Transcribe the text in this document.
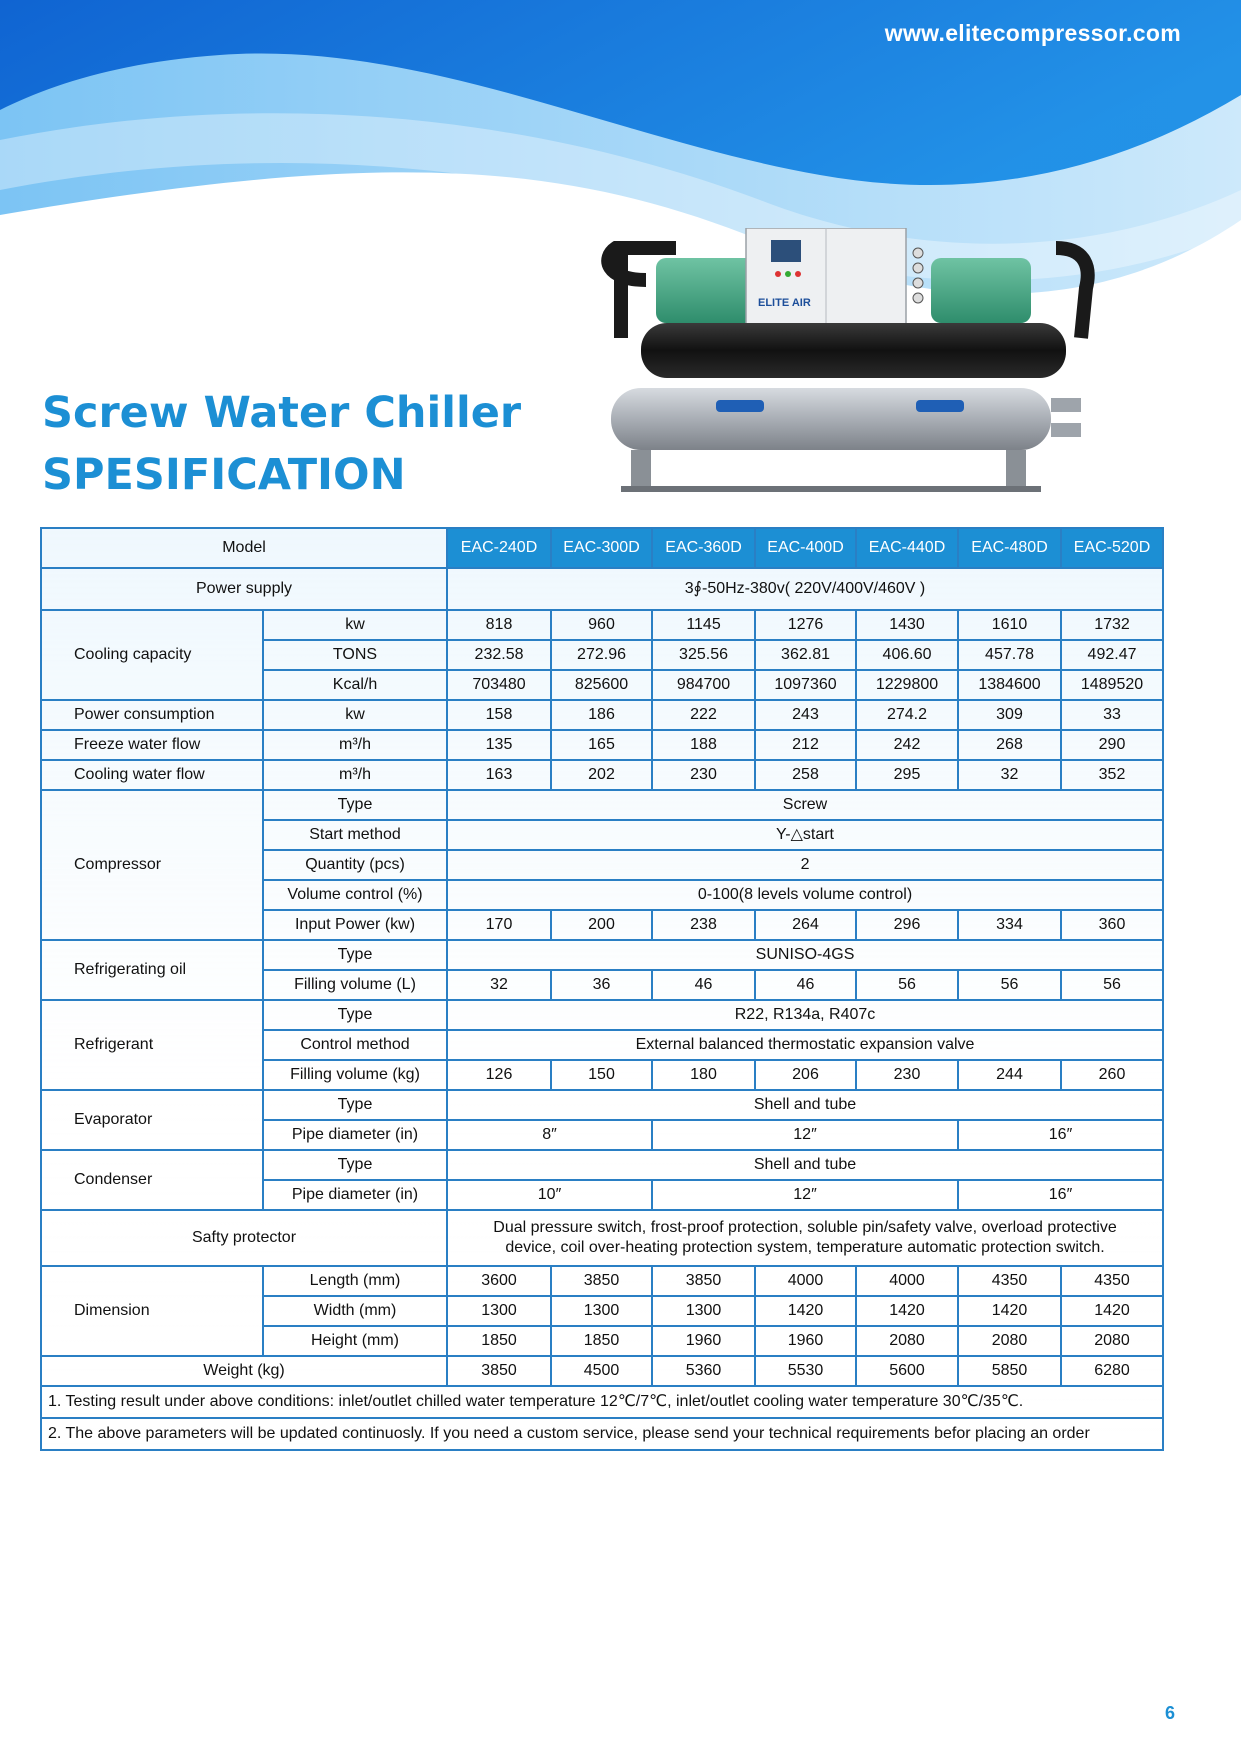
www.elitecompressor.com
Screw Water Chiller
SPESIFICATION
ELITE AIR
Model		EAC-240D	EAC-300D	EAC-360D	EAC-400D	EAC-440D	EAC-480D	EAC-520D
Power supply		3∮-50Hz-380v( 220V/400V/460V )						
Cooling capacity	kw	818	960	1145	1276	1430	1610	1732
	TONS	232.58	272.96	325.56	362.81	406.60	457.78	492.47
	Kcal/h	703480	825600	984700	1097360	1229800	1384600	1489520
Power consumption	kw	158	186	222	243	274.2	309	33
Freeze water flow	m³/h	135	165	188	212	242	268	290
Cooling water flow	m³/h	163	202	230	258	295	32	352
Compressor	Type	Screw						
	Start method	Y-△start						
	Quantity (pcs)	2						
	Volume control (%)	0-100(8 levels volume control)						
	Input Power (kw)	170	200	238	264	296	334	360
Refrigerating oil	Type	SUNISO-4GS						
	Filling volume (L)	32	36	46	46	56	56	56
Refrigerant	Type	R22, R134a, R407c						
	Control method	External balanced thermostatic expansion valve						
	Filling volume (kg)	126	150	180	206	230	244	260
Evaporator	Type	Shell and tube						
	Pipe diameter (in)	8″		12″			16″	
Condenser	Type	Shell and tube						
	Pipe diameter (in)	10″		12″			16″	
Safty protector		Dual pressure switch, frost-proof protection, soluble pin/safety valve, overload protective
device, coil over-heating protection system, temperature automatic protection switch.						

Dimension	Length (mm)	3600	3850	3850	4000	4000	4350	4350
	Width (mm)	1300	1300	1300	1420	1420	1420	1420
	Height (mm)	1850	1850	1960	1960	2080	2080	2080
Weight (kg)		3850	4500	5360	5530	5600	5850	6280
1. Testing result under above conditions: inlet/outlet chilled water temperature 12℃/7℃, inlet/outlet cooling water temperature 30℃/35℃.								
2. The above parameters will be updated continuosly. If you need a custom service, please send your technical requirements befor placing an order								
6
